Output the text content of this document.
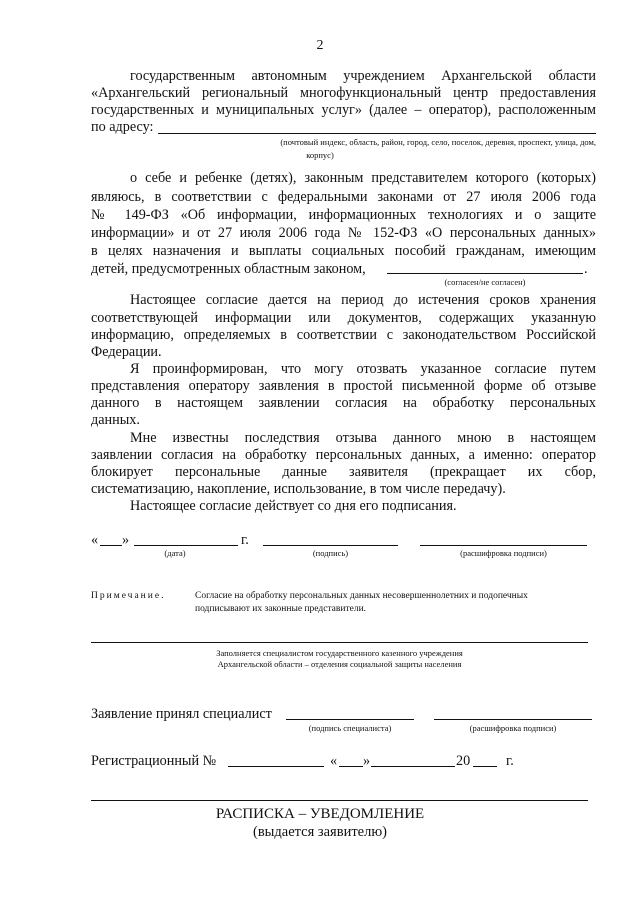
2
государственным автономным учреждением Архангельской области
«Архангельский региональный многофункциональный центр предоставления
государственных и муниципальных услуг» (далее – оператор), расположенным
по адресу:
(почтовый индекс, область, район, город, село, поселок, деревня, проспект, улица, дом,
корпус)
о себе и ребенке (детях), законным представителем которого (которых)
являюсь, в соответствии с федеральными законами от 27 июля 2006 года
№ 149-ФЗ «Об информации, информационных технологиях и о защите
информации» и от 27 июля 2006 года № 152-ФЗ «О персональных данных»
в целях назначения и выплаты социальных пособий гражданам, имеющим
детей, предусмотренных областным законом,	.
(согласен/не согласен)
Настоящее согласие дается на период до истечения сроков хранения
соответствующей информации или документов, содержащих указанную
информацию, определяемых в соответствии с законодательством Российской
Федерации.
Я проинформирован, что могу отозвать указанное согласие путем
представления оператору заявления в простой письменной форме об отзыве
данного в настоящем заявлении согласия на обработку персональных
данных.
Мне известны последствия отзыва данного мною в настоящем
заявлении согласия на обработку персональных данных, а именно: оператор
блокирует персональные данные заявителя (прекращает их сбор,
систематизацию, накопление, использование, в том числе передачу).
Настоящее согласие действует со дня его подписания.
« »	г.
(дата)	(подпись)	(расшифровка подписи)
Примечание.	Согласие на обработку персональных данных несовершеннолетних и подопечных
подписывают их законные представители.
Заполняется специалистом государственного казенного учреждения
Архангельской области – отделения социальной защиты населения
Заявление принял специалист
(подпись специалиста)	(расшифровка подписи)
Регистрационный №	« »	20	г.
РАСПИСКА – УВЕДОМЛЕНИЕ
(выдается заявителю)
